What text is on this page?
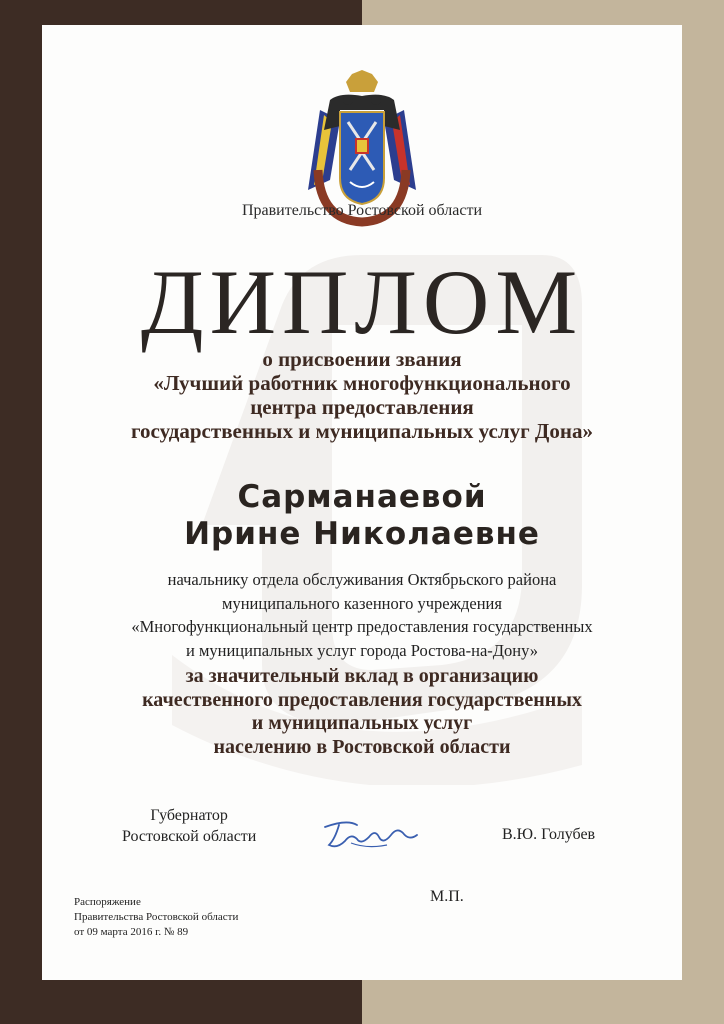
Правительство Ростовской области
ДИПЛОМ
о присвоении звания
«Лучший работник многофункционального
центра предоставления
государственных и муниципальных услуг Дона»
Сарманаевой
Ирине Николаевне
начальнику отдела обслуживания Октябрьского района
муниципального казенного учреждения
«Многофункциональный центр предоставления государственных
и муниципальных услуг города Ростова-на-Дону»
за значительный вклад в организацию
качественного предоставления государственных
и муниципальных услуг
населению в Ростовской области
Губернатор
Ростовской области	В.Ю. Голубев
М.П.
Распоряжение
Правительства Ростовской области
от 09 марта 2016 г. № 89
